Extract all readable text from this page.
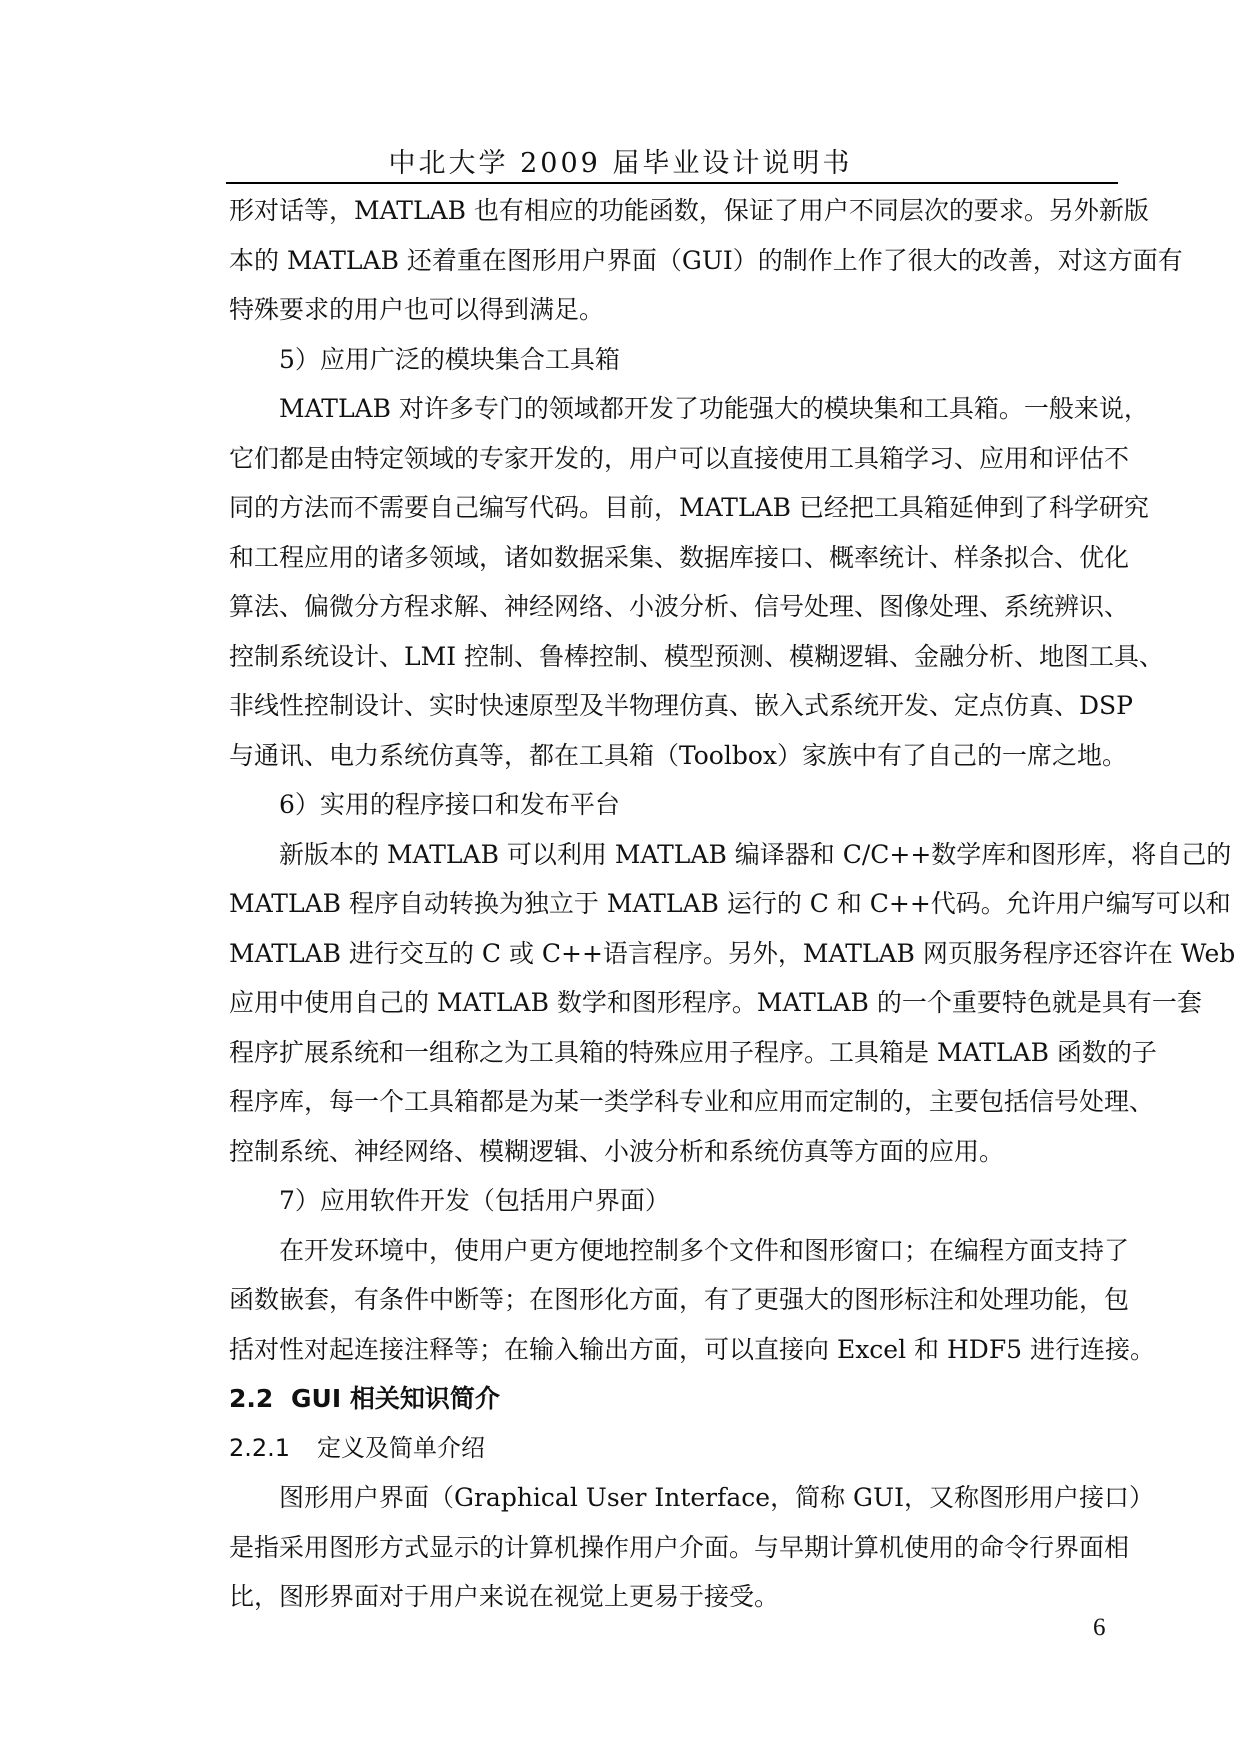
中北大学 2009 届毕业设计说明书
形对话等，MATLAB 也有相应的功能函数，保证了用户不同层次的要求。另外新版
本的 MATLAB 还着重在图形用户界面（GUI）的制作上作了很大的改善，对这方面有
特殊要求的用户也可以得到满足。
5）应用广泛的模块集合工具箱
MATLAB 对许多专门的领域都开发了功能强大的模块集和工具箱。一般来说，
它们都是由特定领域的专家开发的，用户可以直接使用工具箱学习、应用和评估不
同的方法而不需要自己编写代码。目前，MATLAB 已经把工具箱延伸到了科学研究
和工程应用的诸多领域，诸如数据采集、数据库接口、概率统计、样条拟合、优化
算法、偏微分方程求解、神经网络、小波分析、信号处理、图像处理、系统辨识、
控制系统设计、LMI 控制、鲁棒控制、模型预测、模糊逻辑、金融分析、地图工具、
非线性控制设计、实时快速原型及半物理仿真、嵌入式系统开发、定点仿真、DSP
与通讯、电力系统仿真等，都在工具箱（Toolbox）家族中有了自己的一席之地。
6）实用的程序接口和发布平台
新版本的 MATLAB 可以利用 MATLAB 编译器和 C/C++数学库和图形库，将自己的
MATLAB 程序自动转换为独立于 MATLAB 运行的 C 和 C++代码。允许用户编写可以和
MATLAB 进行交互的 C 或 C++语言程序。另外，MATLAB 网页服务程序还容许在 Web
应用中使用自己的 MATLAB 数学和图形程序。MATLAB 的一个重要特色就是具有一套
程序扩展系统和一组称之为工具箱的特殊应用子程序。工具箱是 MATLAB 函数的子
程序库，每一个工具箱都是为某一类学科专业和应用而定制的，主要包括信号处理、
控制系统、神经网络、模糊逻辑、小波分析和系统仿真等方面的应用。
7）应用软件开发（包括用户界面）
在开发环境中，使用户更方便地控制多个文件和图形窗口；在编程方面支持了
函数嵌套，有条件中断等；在图形化方面，有了更强大的图形标注和处理功能，包
括对性对起连接注释等；在输入输出方面，可以直接向 Excel 和 HDF5 进行连接。
2.2 GUI 相关知识简介
2.2.1 定义及简单介绍
图形用户界面（Graphical User Interface，简称 GUI，又称图形用户接口）
是指采用图形方式显示的计算机操作用户介面。与早期计算机使用的命令行界面相
比，图形界面对于用户来说在视觉上更易于接受。
6
